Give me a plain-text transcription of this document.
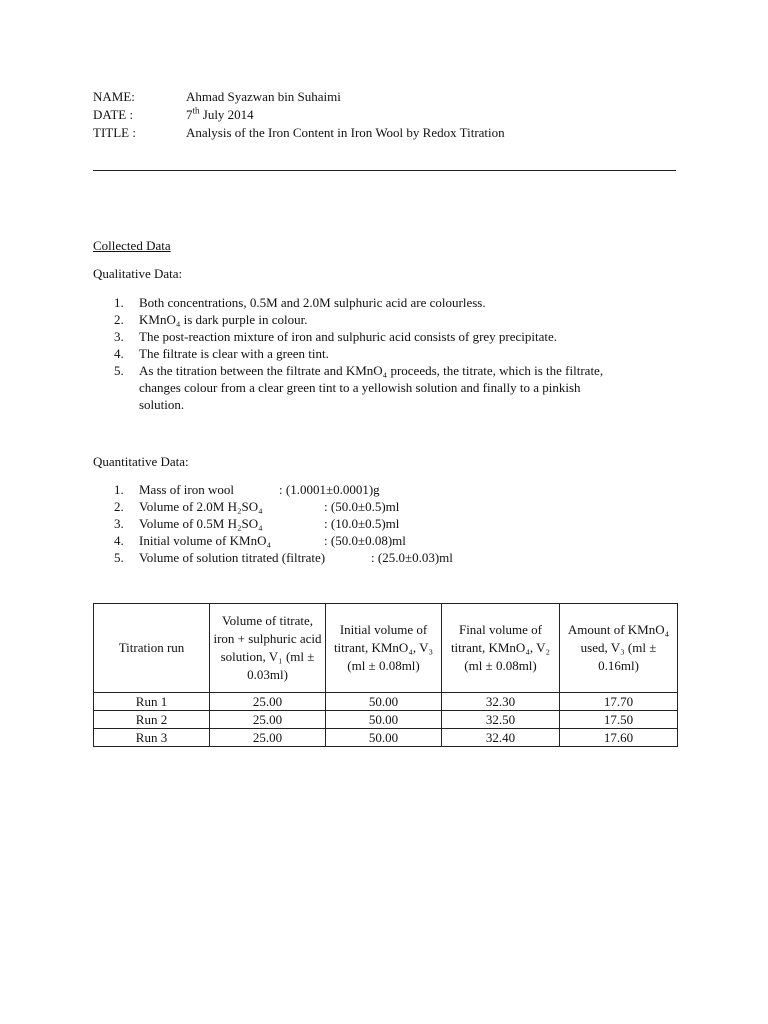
NAME:	Ahmad Syazwan bin Suhaimi
DATE :	7th July 2014
TITLE :	Analysis of the Iron Content in Iron Wool by Redox Titration
Collected Data
Qualitative Data:
1. Both concentrations, 0.5M and 2.0M sulphuric acid are colourless.
2. KMnO₄ is dark purple in colour.
3. The post-reaction mixture of iron and sulphuric acid consists of grey precipitate.
4. The filtrate is clear with a green tint.
5. As the titration between the filtrate and KMnO₄ proceeds, the titrate, which is the filtrate, changes colour from a clear green tint to a yellowish solution and finally to a pinkish solution.
Quantitative Data:
1. Mass of iron wool	: (1.0001±0.0001)g
2. Volume of 2.0M H₂SO₄	: (50.0±0.5)ml
3. Volume of 0.5M H₂SO₄	: (10.0±0.5)ml
4. Initial volume of KMnO₄	: (50.0±0.08)ml
5. Volume of solution titrated (filtrate)	: (25.0±0.03)ml
Titration run	Volume of titrate, iron + sulphuric acid solution, V₁ (ml ± 0.03ml)	Initial volume of titrant, KMnO₄, V₃ (ml ± 0.08ml)	Final volume of titrant, KMnO₄, V₂ (ml ± 0.08ml)	Amount of KMnO₄ used, V₃ (ml ± 0.16ml)
Run 1	25.00	50.00	32.30	17.70
Run 2	25.00	50.00	32.50	17.50
Run 3	25.00	50.00	32.40	17.60
